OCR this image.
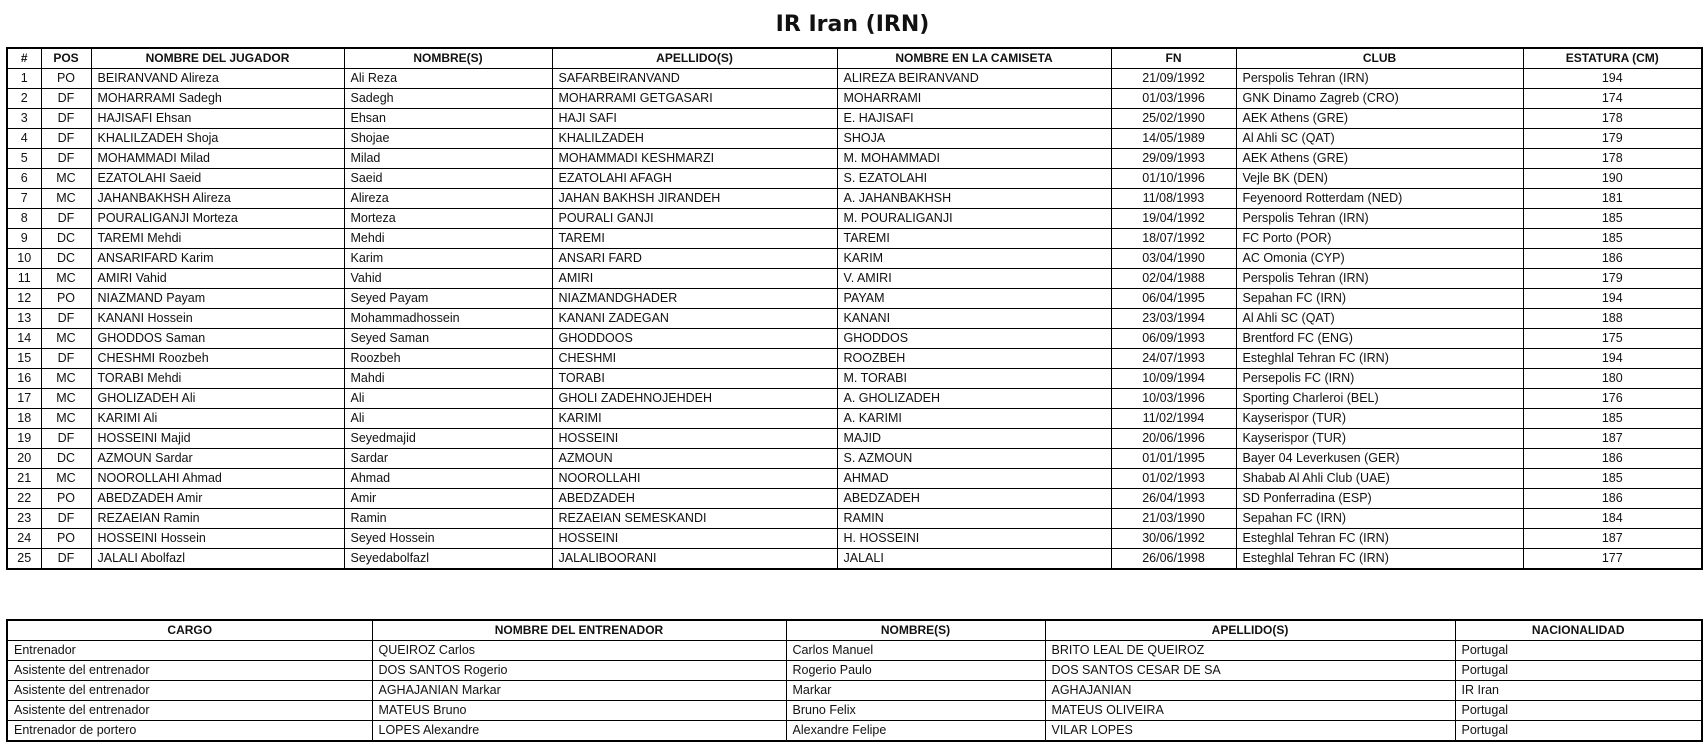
IR Iran (IRN)
#	POS	NOMBRE DEL JUGADOR	NOMBRE(S)	APELLIDO(S)	NOMBRE EN LA CAMISETA	FN	CLUB	ESTATURA (CM)
1	PO	BEIRANVAND Alireza	Ali Reza	SAFARBEIRANVAND	ALIREZA BEIRANVAND	21/09/1992	Perspolis Tehran (IRN)	194
2	DF	MOHARRAMI Sadegh	Sadegh	MOHARRAMI GETGASARI	MOHARRAMI	01/03/1996	GNK Dinamo Zagreb (CRO)	174
3	DF	HAJISAFI Ehsan	Ehsan	HAJI SAFI	E. HAJISAFI	25/02/1990	AEK Athens (GRE)	178
4	DF	KHALILZADEH Shoja	Shojae	KHALILZADEH	SHOJA	14/05/1989	Al Ahli SC (QAT)	179
5	DF	MOHAMMADI Milad	Milad	MOHAMMADI KESHMARZI	M. MOHAMMADI	29/09/1993	AEK Athens (GRE)	178
6	MC	EZATOLAHI Saeid	Saeid	EZATOLAHI AFAGH	S. EZATOLAHI	01/10/1996	Vejle BK (DEN)	190
7	MC	JAHANBAKHSH Alireza	Alireza	JAHAN BAKHSH JIRANDEH	A. JAHANBAKHSH	11/08/1993	Feyenoord Rotterdam (NED)	181
8	DF	POURALIGANJI Morteza	Morteza	POURALI GANJI	M. POURALIGANJI	19/04/1992	Perspolis Tehran (IRN)	185
9	DC	TAREMI Mehdi	Mehdi	TAREMI	TAREMI	18/07/1992	FC Porto (POR)	185
10	DC	ANSARIFARD Karim	Karim	ANSARI FARD	KARIM	03/04/1990	AC Omonia (CYP)	186
11	MC	AMIRI Vahid	Vahid	AMIRI	V. AMIRI	02/04/1988	Perspolis Tehran (IRN)	179
12	PO	NIAZMAND Payam	Seyed Payam	NIAZMANDGHADER	PAYAM	06/04/1995	Sepahan FC (IRN)	194
13	DF	KANANI Hossein	Mohammadhossein	KANANI ZADEGAN	KANANI	23/03/1994	Al Ahli SC (QAT)	188
14	MC	GHODDOS Saman	Seyed Saman	GHODDOOS	GHODDOS	06/09/1993	Brentford FC (ENG)	175
15	DF	CHESHMI Roozbeh	Roozbeh	CHESHMI	ROOZBEH	24/07/1993	Esteghlal Tehran FC (IRN)	194
16	MC	TORABI Mehdi	Mahdi	TORABI	M. TORABI	10/09/1994	Persepolis FC (IRN)	180
17	MC	GHOLIZADEH Ali	Ali	GHOLI ZADEHNOJEHDEH	A. GHOLIZADEH	10/03/1996	Sporting Charleroi (BEL)	176
18	MC	KARIMI Ali	Ali	KARIMI	A. KARIMI	11/02/1994	Kayserispor (TUR)	185
19	DF	HOSSEINI Majid	Seyedmajid	HOSSEINI	MAJID	20/06/1996	Kayserispor (TUR)	187
20	DC	AZMOUN Sardar	Sardar	AZMOUN	S. AZMOUN	01/01/1995	Bayer 04 Leverkusen (GER)	186
21	MC	NOOROLLAHI Ahmad	Ahmad	NOOROLLAHI	AHMAD	01/02/1993	Shabab Al Ahli Club (UAE)	185
22	PO	ABEDZADEH Amir	Amir	ABEDZADEH	ABEDZADEH	26/04/1993	SD Ponferradina (ESP)	186
23	DF	REZAEIAN Ramin	Ramin	REZAEIAN SEMESKANDI	RAMIN	21/03/1990	Sepahan FC (IRN)	184
24	PO	HOSSEINI Hossein	Seyed Hossein	HOSSEINI	H. HOSSEINI	30/06/1992	Esteghlal Tehran FC (IRN)	187
25	DF	JALALI Abolfazl	Seyedabolfazl	JALALIBOORANI	JALALI	26/06/1998	Esteghlal Tehran FC (IRN)	177
CARGO	NOMBRE DEL ENTRENADOR	NOMBRE(S)	APELLIDO(S)	NACIONALIDAD
Entrenador	QUEIROZ Carlos	Carlos Manuel	BRITO LEAL DE QUEIROZ	Portugal
Asistente del entrenador	DOS SANTOS Rogerio	Rogerio Paulo	DOS SANTOS CESAR DE SA	Portugal
Asistente del entrenador	AGHAJANIAN Markar	Markar	AGHAJANIAN	IR Iran
Asistente del entrenador	MATEUS Bruno	Bruno Felix	MATEUS OLIVEIRA	Portugal
Entrenador de portero	LOPES Alexandre	Alexandre Felipe	VILAR LOPES	Portugal
